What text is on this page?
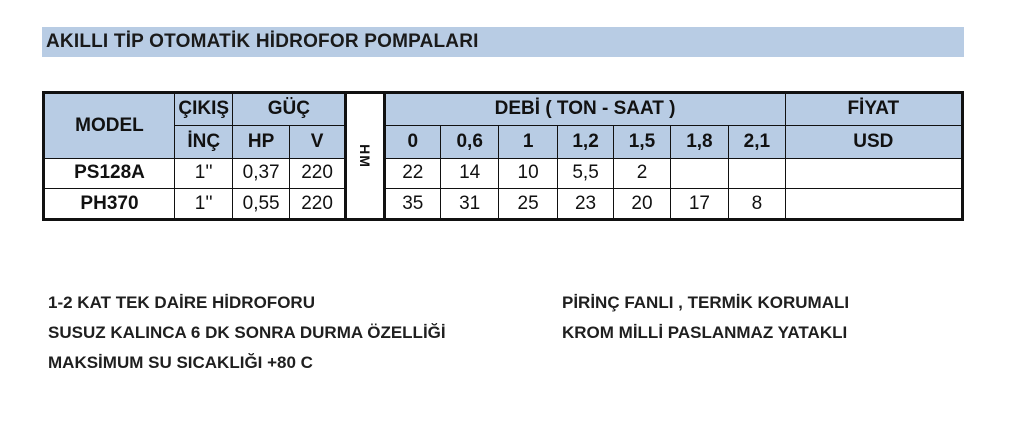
AKILLI TİP OTOMATİK HİDROFOR POMPALARI
MODEL	ÇIKIŞ	GÜÇ		HM	DEBİ ( TON - SAAT )							FİYAT
	İNÇ	HP	V		0	0,6	1	1,2	1,5	1,8	2,1	USD
PS128A	1''	0,37	220		22	14	10	5,5	2			
PH370	1''	0,55	220		35	31	25	23	20	17	8	
1-2 KAT TEK DAİRE HİDROFORU
SUSUZ KALINCA 6 DK SONRA DURMA ÖZELLİĞİ
MAKSİMUM SU SICAKLIĞI +80 C
PİRİNÇ FANLI , TERMİK KORUMALI
KROM MİLLİ PASLANMAZ YATAKLI
